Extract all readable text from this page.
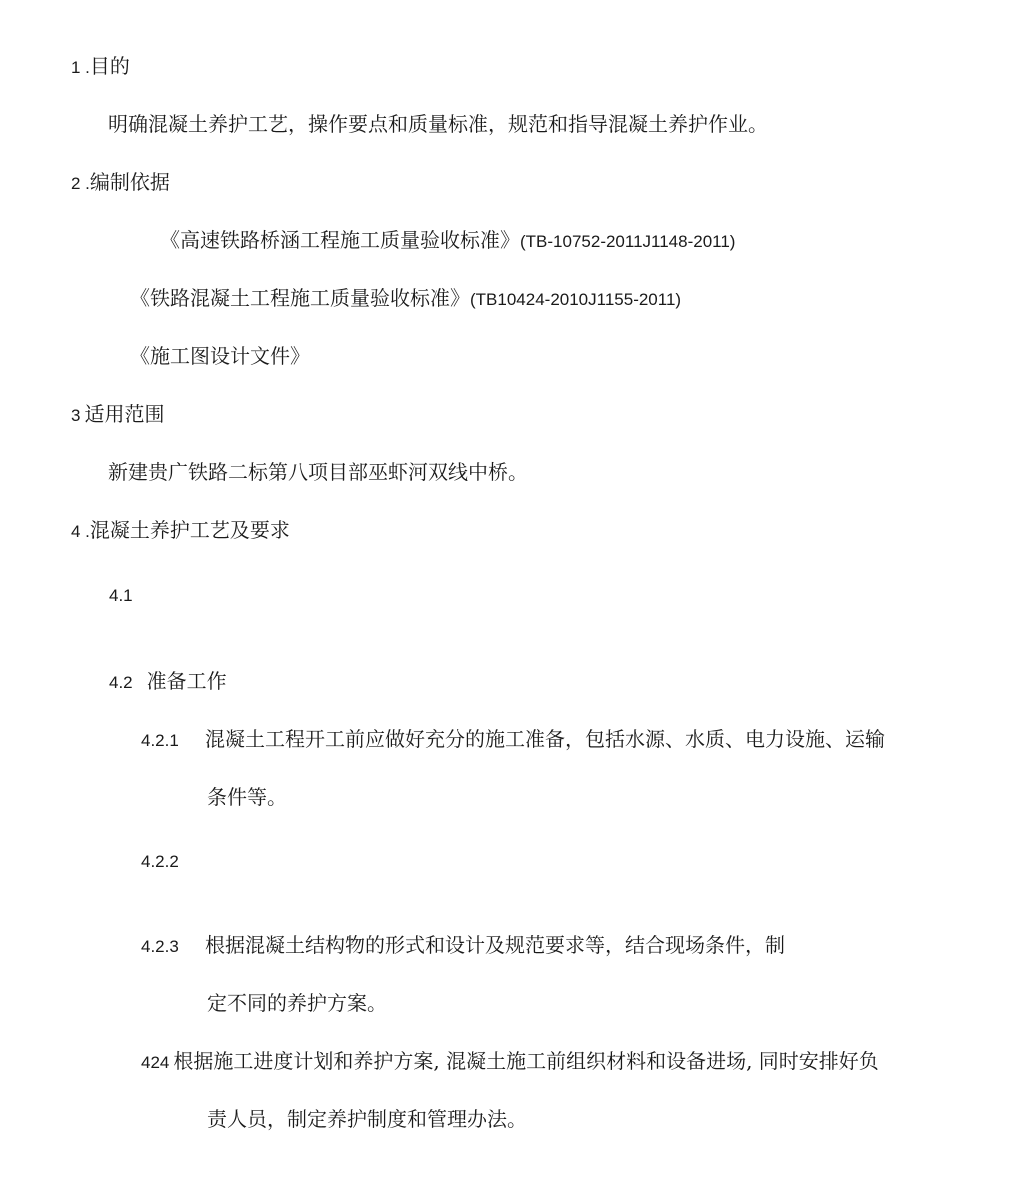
1 .目的
明确混凝土养护工艺，操作要点和质量标准，规范和指导混凝土养护作业。
2 .编制依据
《高速铁路桥涵工程施工质量验收标准》(TB-10752-2011J1148-2011)
《铁路混凝土工程施工质量验收标准》(TB10424-2010J1155-2011)
《施工图设计文件》
3 适用范围
新建贵广铁路二标第八项目部巫虾河双线中桥。
4 .混凝土养护工艺及要求
4.1
4.2 准备工作
4.2.1 混凝土工程开工前应做好充分的施工准备，包括水源、水质、电力设施、运输
条件等。
4.2.2
4.2.3 根据混凝土结构物的形式和设计及规范要求等，结合现场条件，制
定不同的养护方案。
424 根据施工进度计划和养护方案, 混凝土施工前组织材料和设备进场, 同时安排好负
责人员，制定养护制度和管理办法。
